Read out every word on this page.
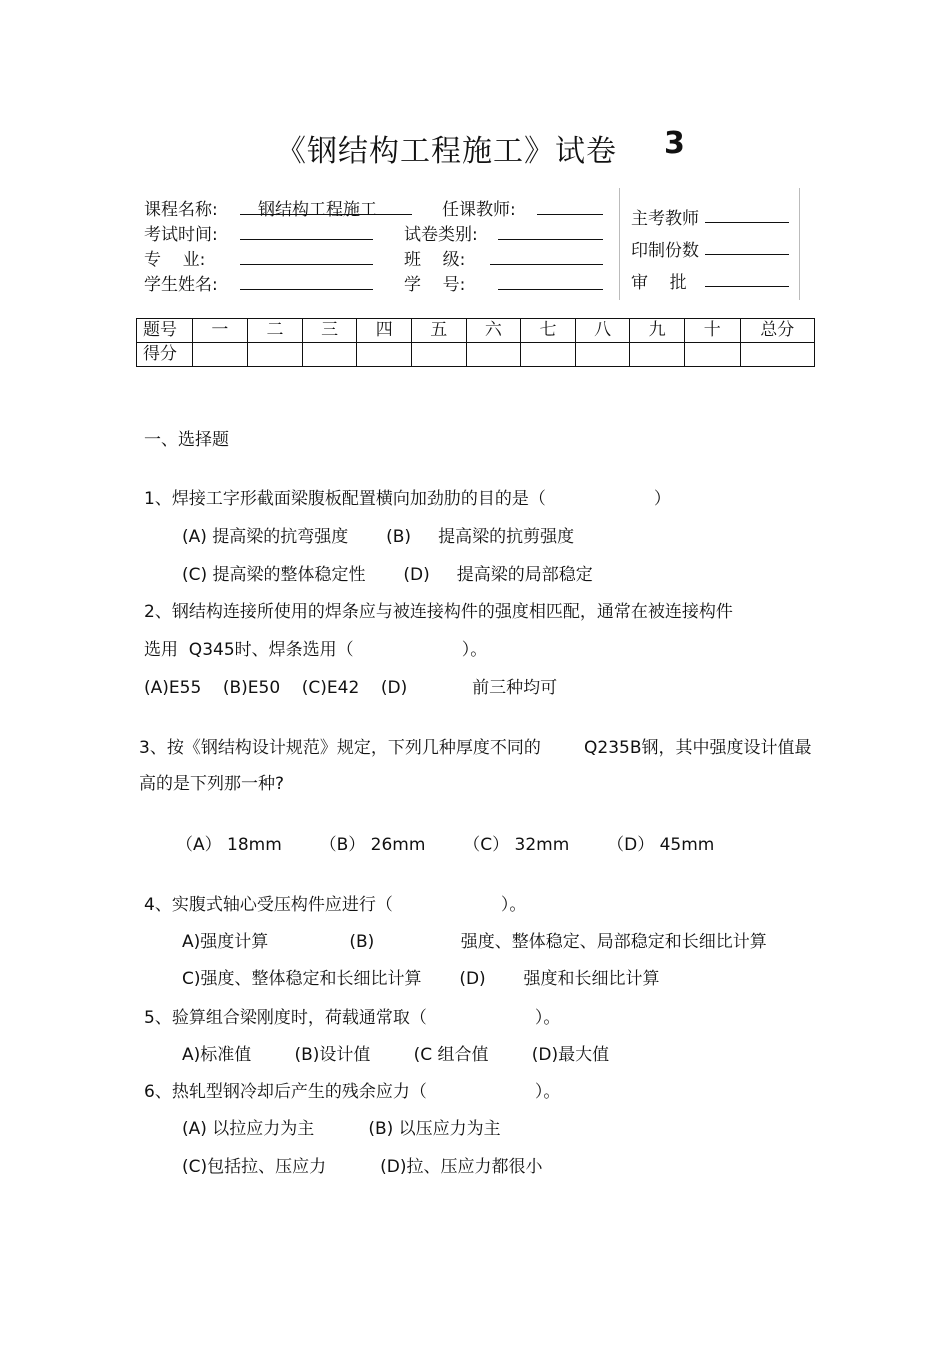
《钢结构工程施工》试卷 3
课程名称: 钢结构工程施工	任课教师:
考试时间:	试卷类别:
专    业:	班    级:
学生姓名:	学    号:
主考教师
印制份数
审    批
题号	一	二	三	四	五	六	七	八	九	十	总分
得分											
一、选择题
1、焊接工字形截面梁腹板配置横向加劲肋的目的是（                    ）
(A) 提高梁的抗弯强度       (B)     提高梁的抗剪强度
(C) 提高梁的整体稳定性       (D)     提高梁的局部稳定
2、钢结构连接所使用的焊条应与被连接构件的强度相匹配，通常在被连接构件
选用  Q345时、焊条选用（                    ）。
(A)E55    (B)E50    (C)E42    (D)            前三种均可
3、按《钢结构设计规范》规定，下列几种厚度不同的        Q235B钢，其中强度设计值最
高的是下列那一种?
（A） 18mm       （B） 26mm       （C） 32mm       （D） 45mm
4、实腹式轴心受压构件应进行（                    ）。
A)强度计算               (B)                强度、整体稳定、局部稳定和长细比计算
C)强度、整体稳定和长细比计算       (D)       强度和长细比计算
5、验算组合梁刚度时，荷载通常取（                    ）。
A)标准值        (B)设计值        (C 组合值        (D)最大值
6、热轧型钢冷却后产生的残余应力（                    ）。
(A) 以拉应力为主          (B) 以压应力为主
(C)包括拉、压应力          (D)拉、压应力都很小
